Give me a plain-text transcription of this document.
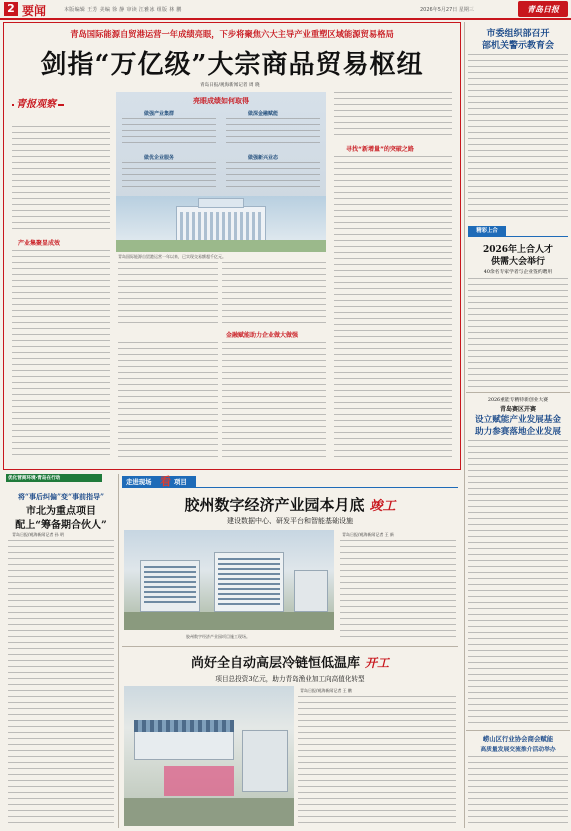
2 要闻	本版编辑 王芳 美编 徐 静 审读 江雅冰 组版 林 鹏	2026年5月27日 星期三	青岛日报
青岛国际能源自贸港运营一年成绩亮眼，下步将聚焦六大主导产业重塑区域能源贸易格局
剑指“万亿级”大宗商品贸易枢纽
青岛日报/观海新闻记者 周 晓
青报观察
产业集聚显成效
亮眼成绩如何取得
做强产业集群	做深金融赋能
做优企业服务	做强新兴业态
青岛国际能源自贸港运营一年以来，已实现交易额超千亿元。
金融赋能助力企业做大做强
寻找“新增量”的突破之路
优化营商环境·青岛在行动
将“事后纠偏”变“事前指导”
市北为重点项目
配上“筹备期合伙人”
青岛日报/观海新闻记者 孙 明
走进现场 看 项目
胶州数字经济产业园本月底 竣工
建设数据中心、研发平台和智能基础设施
胶州数字经济产业园项目施工现场。
青岛日报/观海新闻记者 王 新
尚好全自动高层冷链恒低温库 开工
项目总投资3亿元，助力青岛渔业加工向高值化转型
青岛日报/观海新闻记者 王 鹏
市委组织部召开
部机关警示教育会
精彩上合
2026年上合人才
供需大会举行
40余名专家学者与企业签约聘用
2026重能专精特新创业大赛
青岛赛区开赛
设立赋能产业发展基金
助力参赛落地企业发展
崂山区行业协会商会赋能
高质量发展交流推介活动举办
